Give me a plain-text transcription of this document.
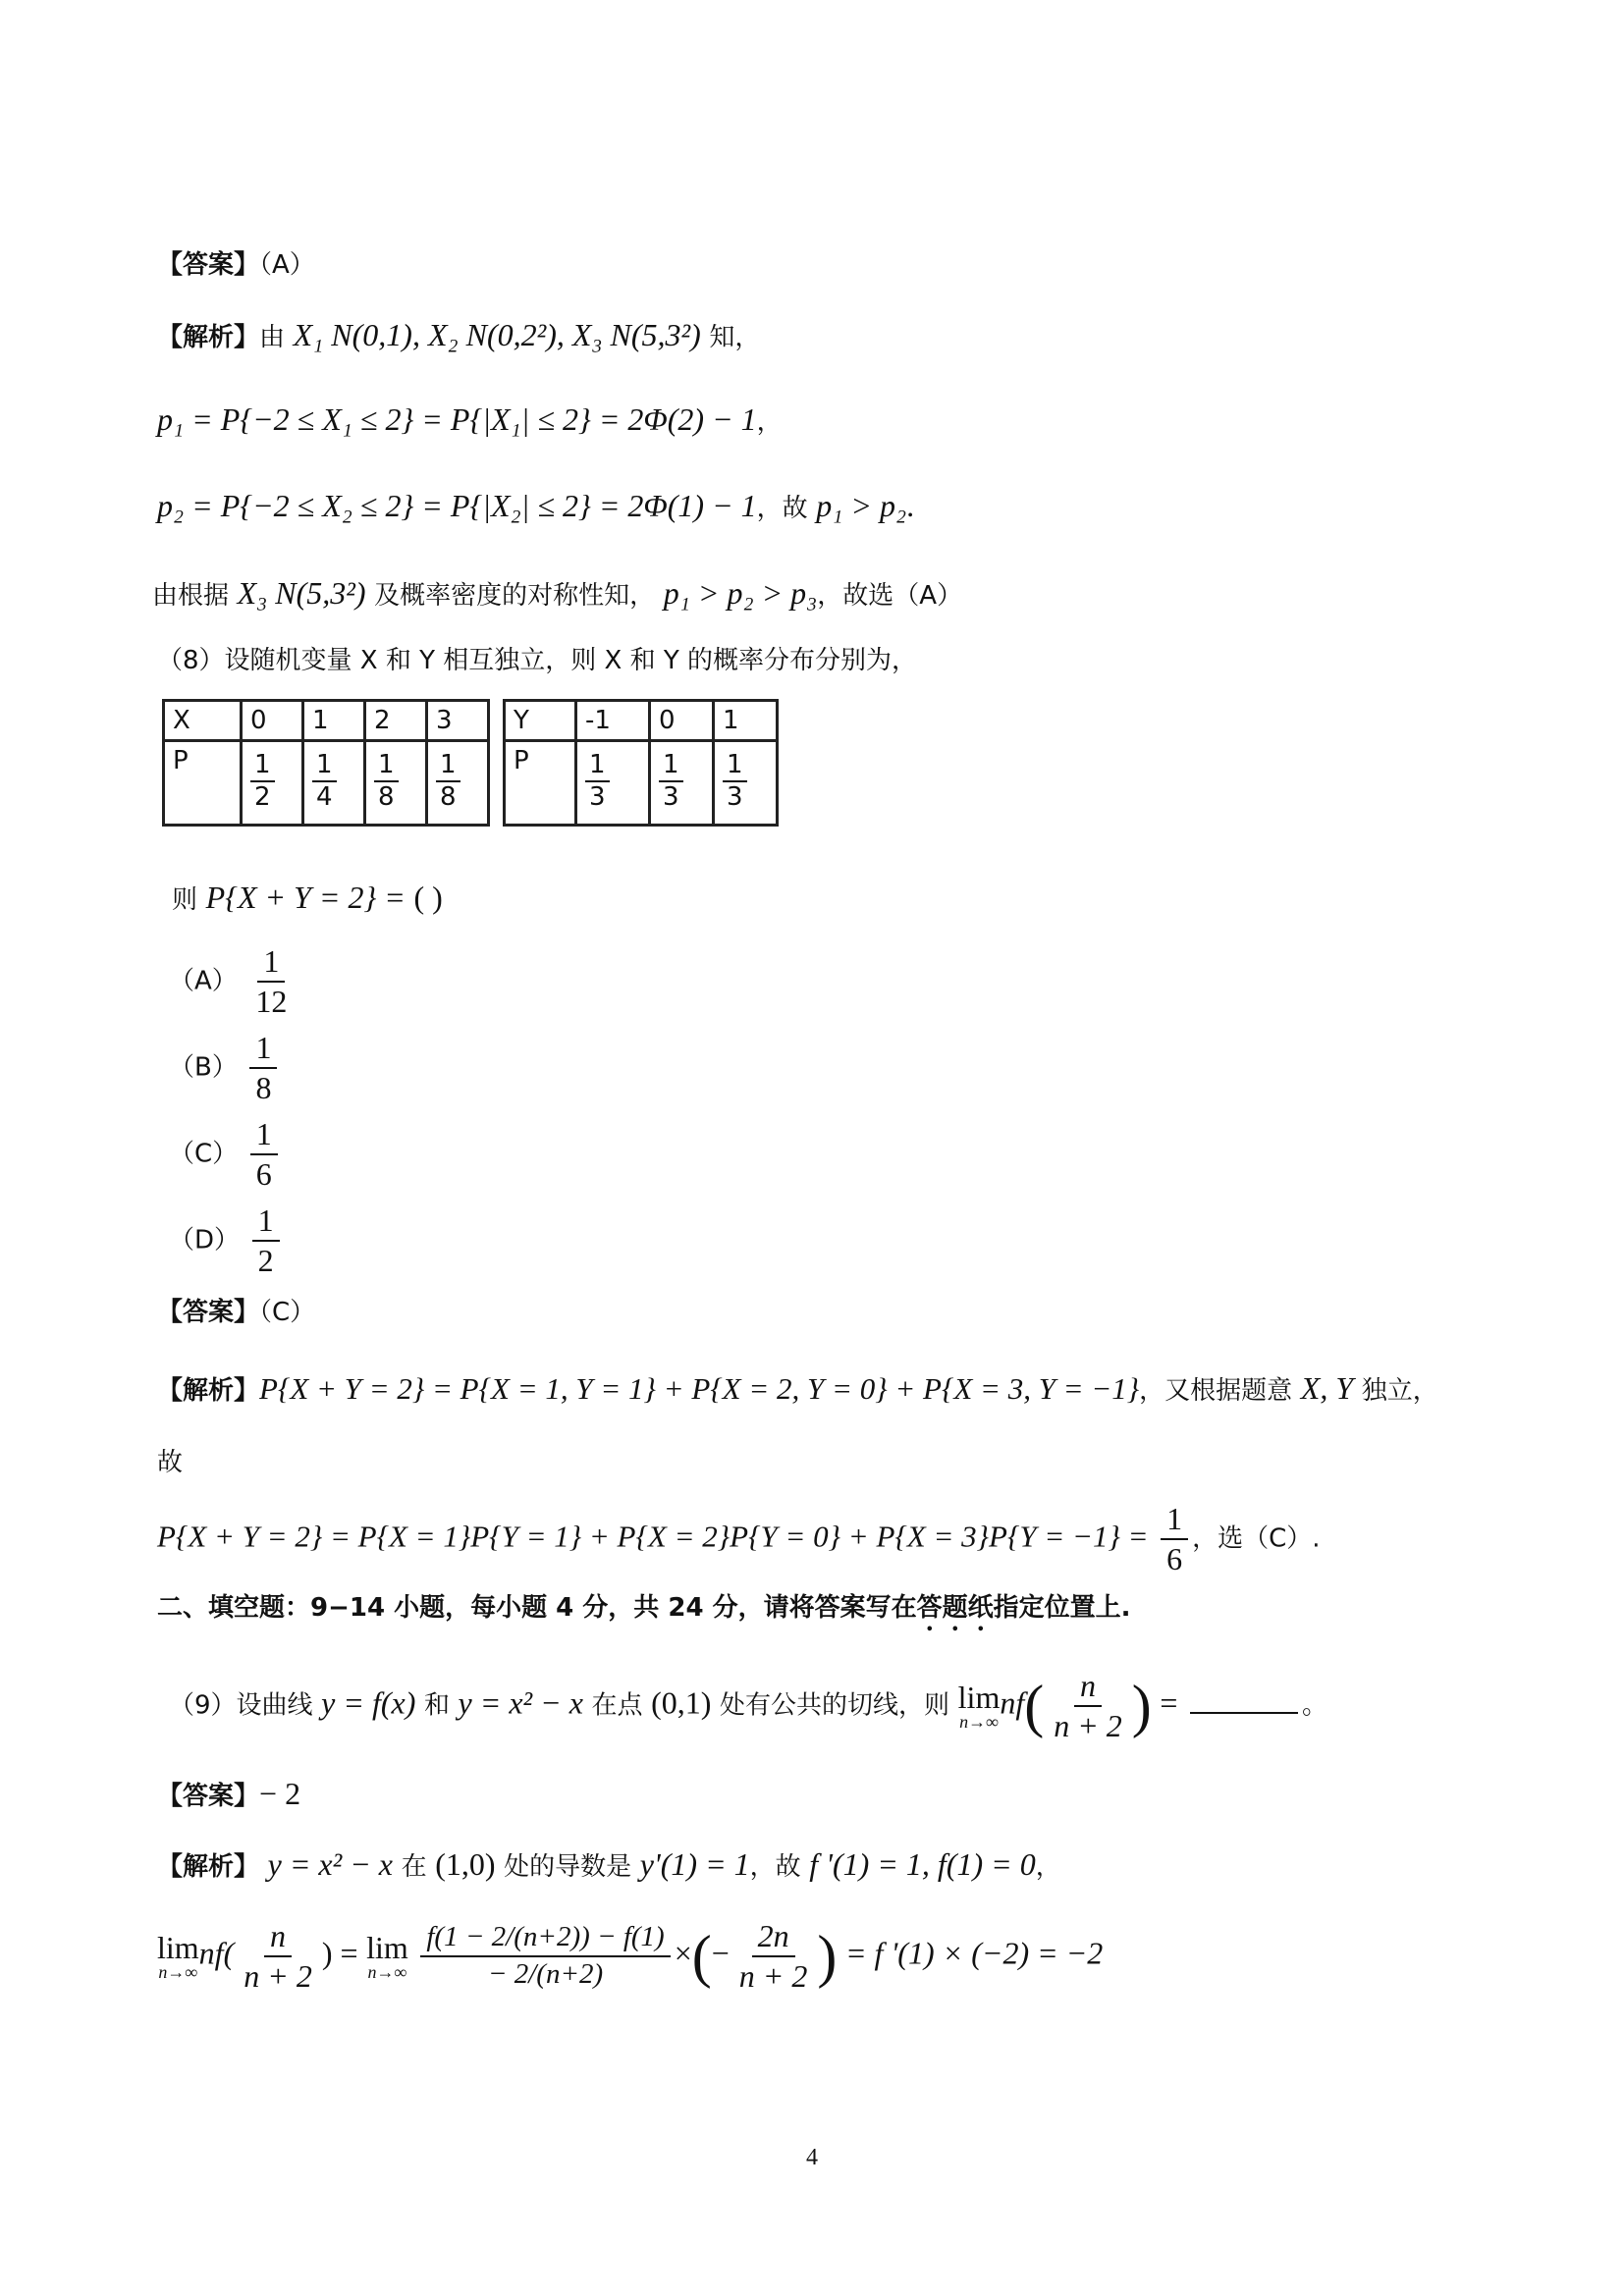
【答案】（A）
【解析】由 X₁ N(0,1), X₂ N(0,2²), X₃ N(5,3²) 知，
p₁ = P{−2 ≤ X₁ ≤ 2} = P{|X₁| ≤ 2} = 2Φ(2) − 1，
p₂ = P{−2 ≤ X₂ ≤ 2} = P{|X₂| ≤ 2} = 2Φ(1) − 1，故 p₁ > p₂.
由根据 X₃ N(5,3²) 及概率密度的对称性知， p₁ > p₂ > p₃，故选（A）
（8）设随机变量 X 和 Y 相互独立，则 X 和 Y 的概率分布分别为，
X	0	1	2	3
P	$\frac{1}{2}$	$\frac{1}{4}$	$\frac{1}{8}$	$\frac{1}{8}$
Y	-1	0	1
P	$\frac{1}{3}$	$\frac{1}{3}$	$\frac{1}{3}$
则 P{X + Y = 2} = ( )
$(A) \frac{1}{12}$
$(B) \frac{1}{8}$
$(C) \frac{1}{6}$
$(D) \frac{1}{2}$
【答案】（C）
【解析】P{X + Y = 2} = P{X = 1, Y = 1} + P{X = 2, Y = 0} + P{X = 3, Y = −1}，又根据题意 X, Y 独立，
故
$P\{X + Y = 2\} = P\{X = 1\}P\{Y = 1\} + P\{X = 2\}P\{Y = 0\} + P\{X = 3\}P\{Y = -1\} = \frac{1}{6}$ ，选（C）.
二、填空题：9−14 小题，每小题 4 分，共 24 分，请将答案写在答题纸指定位置上.
（9）设曲线 y = f(x) 和 y = x² − x 在点 (0,1) 处有公共的切线，则 lim
n→∞
$nf( \frac{n}{n + 2}$ ) =	。
【答案】− 2
【解析】 y = x² − x 在 (1,0) 处的导数是 y'(1) = 1，故 f '(1) = 1, f(1) = 0，
lim
n→∞
$nf( \frac{n}{n + 2}$ ) = lim
n→∞
$\frac{f(1 - 2/(n+2)) - f(1)}{- 2/(n+2)}$ ×(− $\frac{2n}{n + 2}$ ) = f '(1) × (−2) = −2
4
